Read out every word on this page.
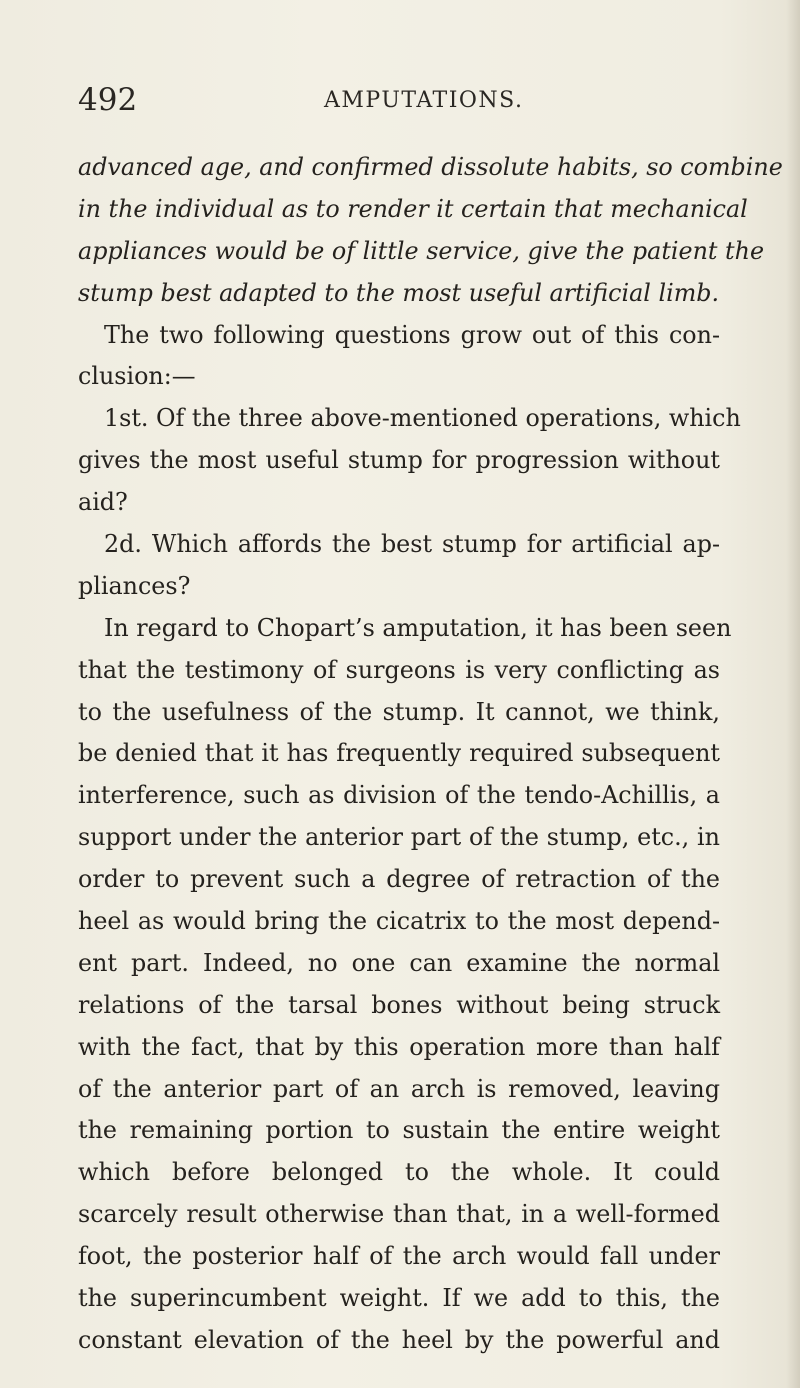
492	AMPUTATIONS.
advanced age, and confirmed dissolute habits, so combine
in the individual as to render it certain that mechanical
appliances would be of little service, give the patient the
stump best adapted to the most useful artificial limb.
The two following questions grow out of this con-
clusion:—
1st. Of the three above-mentioned operations, which
gives the most useful stump for progression without
aid?
2d. Which affords the best stump for artificial ap-
pliances?
In regard to Chopart’s amputation, it has been seen
that the testimony of surgeons is very conflicting as
to the usefulness of the stump. It cannot, we think,
be denied that it has frequently required subsequent
interference, such as division of the tendo-Achillis, a
support under the anterior part of the stump, etc., in
order to prevent such a degree of retraction of the
heel as would bring the cicatrix to the most depend-
ent part. Indeed, no one can examine the normal
relations of the tarsal bones without being struck
with the fact, that by this operation more than half
of the anterior part of an arch is removed, leaving
the remaining portion to sustain the entire weight
which before belonged to the whole. It could
scarcely result otherwise than that, in a well-formed
foot, the posterior half of the arch would fall under
the superincumbent weight. If we add to this, the
constant elevation of the heel by the powerful and
